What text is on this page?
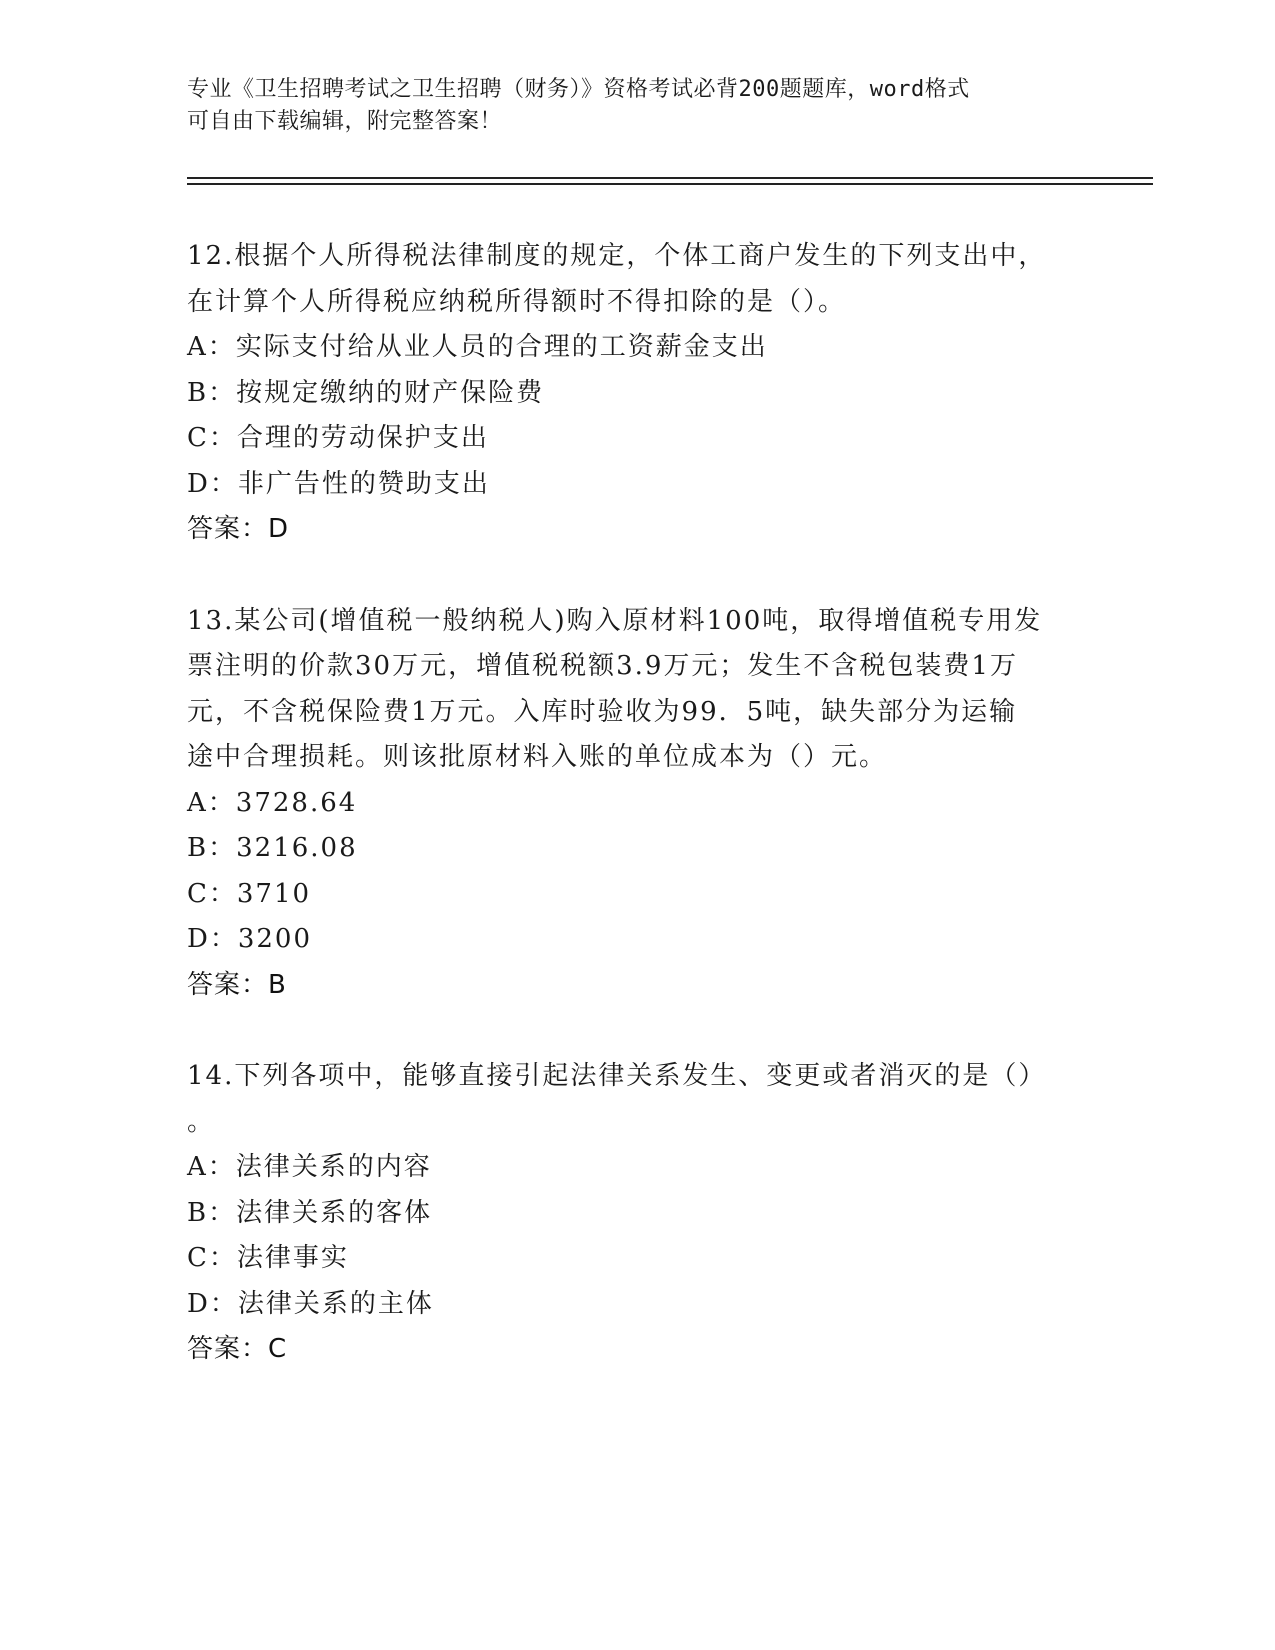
专业《卫生招聘考试之卫生招聘（财务）》资格考试必背200题题库，word格式
可自由下载编辑，附完整答案！
12.根据个人所得税法律制度的规定，个体工商户发生的下列支出中，
在计算个人所得税应纳税所得额时不得扣除的是（）。
A：实际支付给从业人员的合理的工资薪金支出
B：按规定缴纳的财产保险费
C：合理的劳动保护支出
D：非广告性的赞助支出
答案：D
13.某公司(增值税一般纳税人)购入原材料100吨，取得增值税专用发
票注明的价款30万元，增值税税额3.9万元；发生不含税包装费1万
元，不含税保险费1万元。入库时验收为99．5吨，缺失部分为运输
途中合理损耗。则该批原材料入账的单位成本为（）元。
A：3728.64
B：3216.08
C：3710
D：3200
答案：B
14.下列各项中，能够直接引起法律关系发生、变更或者消灭的是（）
。
A：法律关系的内容
B：法律关系的客体
C：法律事实
D：法律关系的主体
答案：C
